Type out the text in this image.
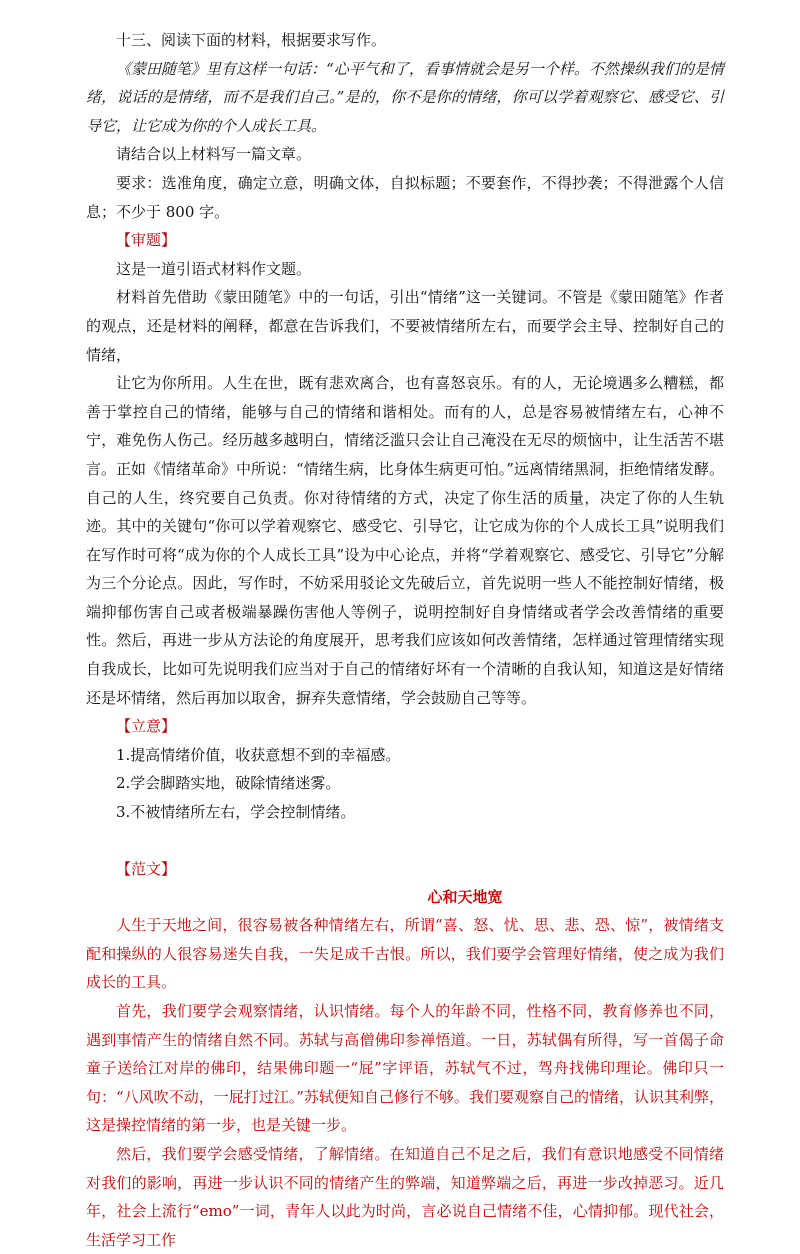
十三、阅读下面的材料，根据要求写作。

《蒙田随笔》里有这样一句话：“心平气和了，看事情就会是另一个样。不然操纵我们的是情绪，说话的是情绪，而不是我们自己。”是的，你不是你的情绪，你可以学着观察它、感受它、引导它，让它成为你的个人成长工具。

请结合以上材料写一篇文章。

要求：选准角度，确定立意，明确文体，自拟标题；不要套作，不得抄袭；不得泄露个人信息；不少于 800 字。

【审题】

这是一道引语式材料作文题。

材料首先借助《蒙田随笔》中的一句话，引出“情绪”这一关键词。不管是《蒙田随笔》作者的观点，还是材料的阐释，都意在告诉我们，不要被情绪所左右，而要学会主导、控制好自己的情绪，

让它为你所用。人生在世，既有悲欢离合，也有喜怒哀乐。有的人，无论境遇多么糟糕，都善于掌控自己的情绪，能够与自己的情绪和谐相处。而有的人，总是容易被情绪左右，心神不宁，难免伤人伤己。经历越多越明白，情绪泛滥只会让自己淹没在无尽的烦恼中，让生活苦不堪言。正如《情绪革命》中所说：“情绪生病，比身体生病更可怕。”远离情绪黑洞，拒绝情绪发酵。自己的人生，终究要自己负责。你对待情绪的方式，决定了你生活的质量，决定了你的人生轨迹。其中的关键句“你可以学着观察它、感受它、引导它，让它成为你的个人成长工具”说明我们在写作时可将“成为你的个人成长工具”设为中心论点，并将“学着观察它、感受它、引导它”分解为三个分论点。因此，写作时，不妨采用驳论文先破后立，首先说明一些人不能控制好情绪，极端抑郁伤害自己或者极端暴躁伤害他人等例子，说明控制好自身情绪或者学会改善情绪的重要性。然后，再进一步从方法论的角度展开，思考我们应该如何改善情绪，怎样通过管理情绪实现自我成长，比如可先说明我们应当对于自己的情绪好坏有一个清晰的自我认知，知道这是好情绪还是坏情绪，然后再加以取舍，摒弃失意情绪，学会鼓励自己等等。

【立意】

1.提高情绪价值，收获意想不到的幸福感。

2.学会脚踏实地，破除情绪迷雾。

3.不被情绪所左右，学会控制情绪。

【范文】

心和天地宽

人生于天地之间，很容易被各种情绪左右，所谓“喜、怒、忧、思、悲、恐、惊”，被情绪支配和操纵的人很容易迷失自我，一失足成千古恨。所以，我们要学会管理好情绪，使之成为我们成长的工具。

首先，我们要学会观察情绪，认识情绪。每个人的年龄不同，性格不同，教育修养也不同，遇到事情产生的情绪自然不同。苏轼与高僧佛印参禅悟道。一日，苏轼偶有所得，写一首偈子命童子送给江对岸的佛印，结果佛印题一“屁”字评语，苏轼气不过，驾舟找佛印理论。佛印只一句：“八风吹不动，一屁打过江。”苏轼便知自己修行不够。我们要观察自己的情绪，认识其利弊，这是操控情绪的第一步，也是关键一步。

然后，我们要学会感受情绪，了解情绪。在知道自己不足之后，我们有意识地感受不同情绪对我们的影响，再进一步认识不同的情绪产生的弊端，知道弊端之后，再进一步改掉恶习。近几年，社会上流行“emo”一词，青年人以此为时尚，言必说自己情绪不佳，心情抑郁。现代社会，生活学习工作
